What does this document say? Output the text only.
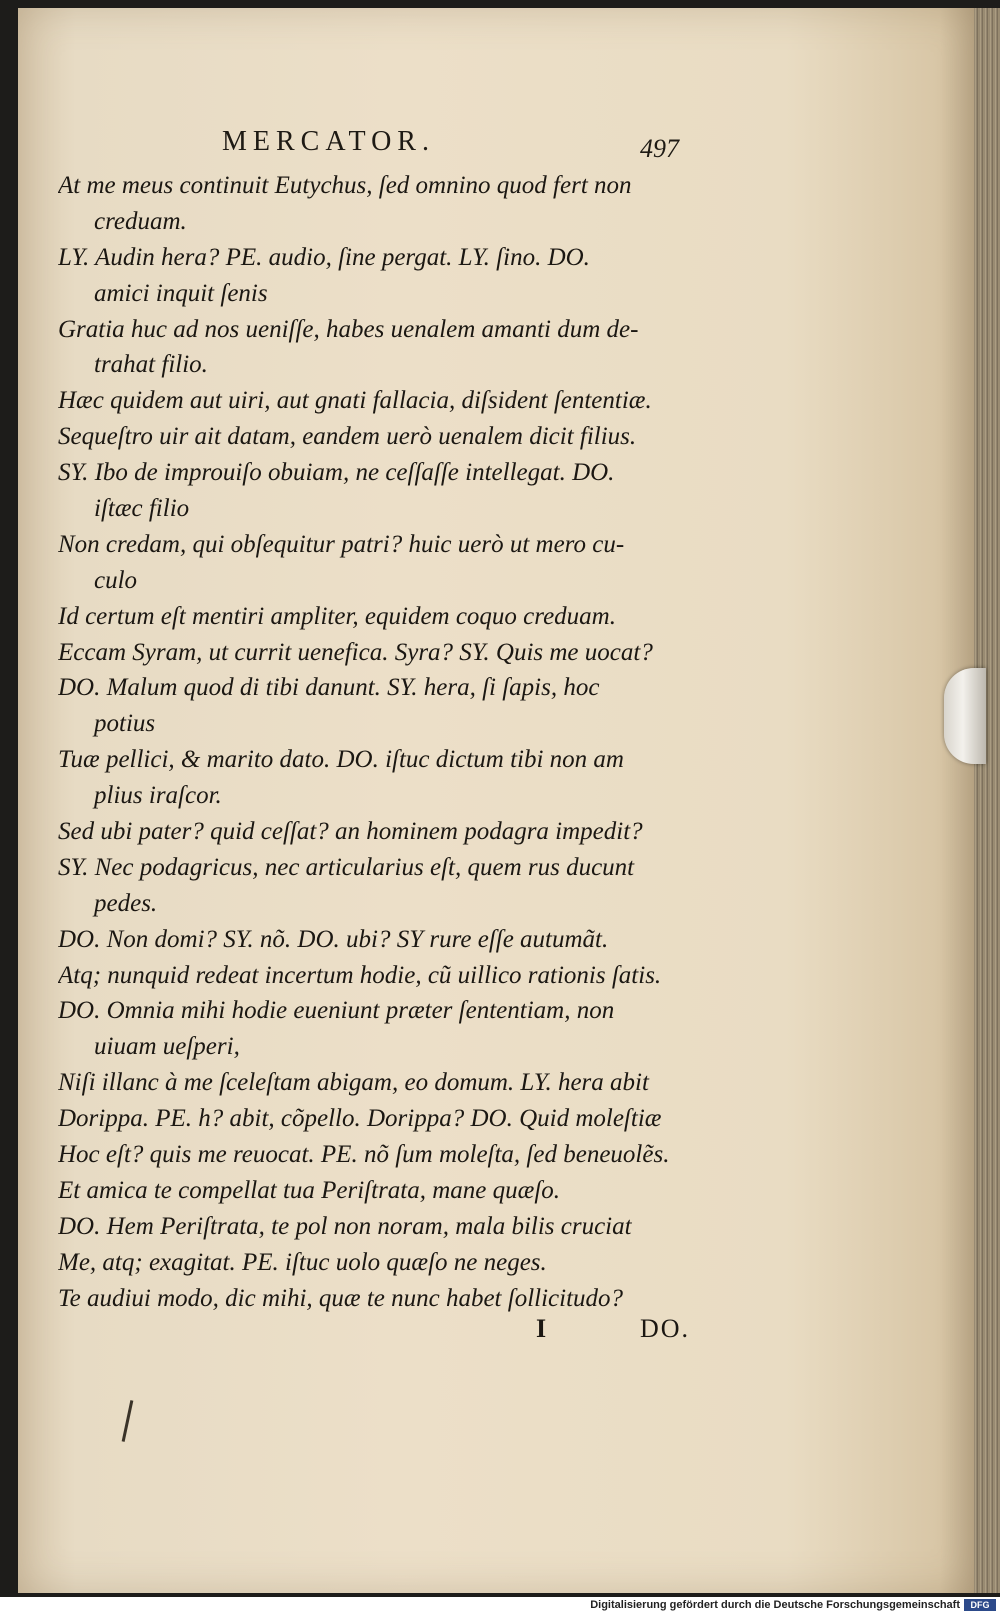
MERCATOR.	497
At me meus continuit Eutychus, ſed omnino quod fert non
creduam.
LY. Audin hera? PE. audio, ſine pergat. LY. ſino. DO.
amici inquit ſenis
Gratia huc ad nos ueniſſe, habes uenalem amanti dum de-
trahat filio.
Hæc quidem aut uiri, aut gnati fallacia, diſsident ſententiæ.
Sequeſtro uir ait datam, eandem uerò uenalem dicit filius.
SY. Ibo de improuiſo obuiam, ne ceſſaſſe intellegat. DO.
iſtæc filio
Non credam, qui obſequitur patri? huic uerò ut mero cu-
culo
Id certum eſt mentiri ampliter, equidem coquo creduam.
Eccam Syram, ut currit uenefica. Syra? SY. Quis me uocat?
DO. Malum quod di tibi danunt. SY. hera, ſi ſapis, hoc
potius
Tuæ pellici, & marito dato. DO. iſtuc dictum tibi non am
plius iraſcor.
Sed ubi pater? quid ceſſat? an hominem podagra impedit?
SY. Nec podagricus, nec articularius eſt, quem rus ducunt
pedes.
DO. Non domi? SY. nõ. DO. ubi? SY rure eſſe autumãt.
Atq; nunquid redeat incertum hodie, cũ uillico rationis ſatis.
DO. Omnia mihi hodie eueniunt præter ſententiam, non
uiuam ueſperi,
Niſi illanc à me ſceleſtam abigam, eo domum. LY. hera abit
Dorippa. PE. h? abit, cõpello. Dorippa? DO. Quid moleſtiæ
Hoc eſt? quis me reuocat. PE. nõ ſum moleſta, ſed beneuolẽs.
Et amica te compellat tua Periſtrata, mane quæſo.
DO. Hem Periſtrata, te pol non noram, mala bilis cruciat
Me, atq; exagitat. PE. iſtuc uolo quæſo ne neges.
Te audiui modo, dic mihi, quæ te nunc habet ſollicitudo?
I	DO.
Digitalisierung gefördert durch die Deutsche Forschungsgemeinschaft	DFG
